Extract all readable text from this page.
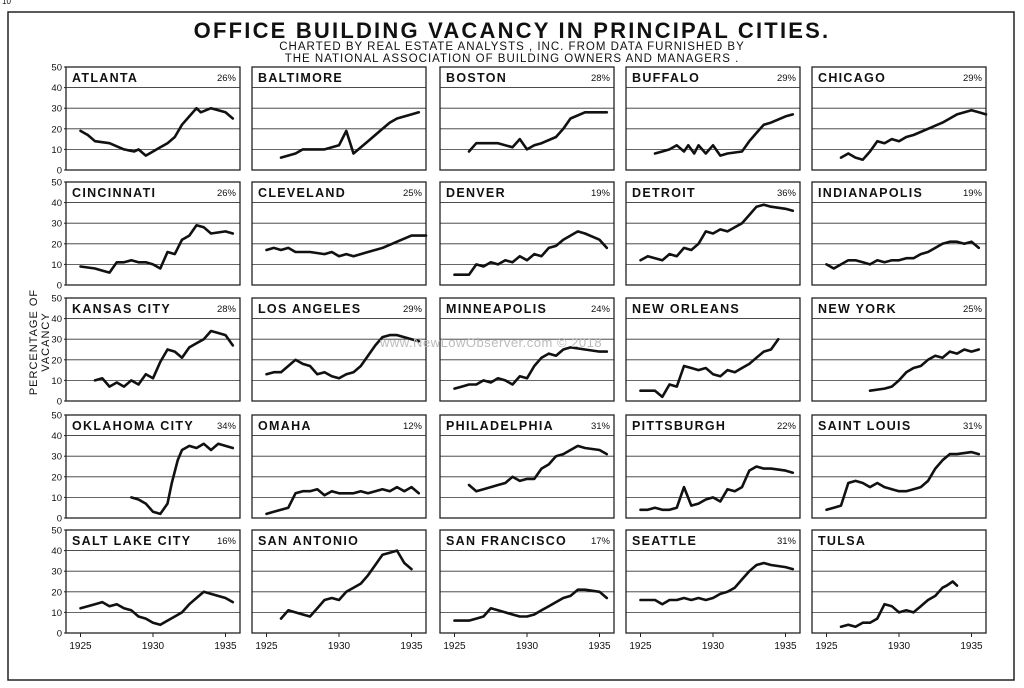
10
OFFICE BUILDING VACANCY IN PRINCIPAL CITIES.
CHARTED BY REAL ESTATE ANALYSTS , INC. FROM DATA FURNISHED BY
THE NATIONAL ASSOCIATION OF BUILDING OWNERS AND MANAGERS .
PERCENTAGE OF VACANCY
ATLANTA	26%
0
10
20
30
40
50
BALTIMORE	BOSTON	28% BUFFALO	29% CHICAGO	29%
CINCINNATI	26%
0
10
20
30
40
50
CLEVELAND	25% DENVER	19% DETROIT	36% INDIANAPOLIS	19%
KANSAS CITY	28%
0
10
20
30
40
50
LOS ANGELES	29% MINNEAPOLIS	24% NEW ORLEANS	NEW YORK	25%
OKLAHOMA CITY 34%
0
10
20
30
40
50
OMAHA	12% PHILADELPHIA	31% PITTSBURGH	22% SAINT LOUIS	31%
SALT LAKE CITY	16%
0
10
20
30
40
50
1925	1930	1935
SAN ANTONIO
1925	1930	1935
SAN FRANCISCO	17%
1925	1930	1935
SEATTLE	31%
1925	1930	1935
TULSA
1925	1930	1935
www.NewLowObserver.com © 2018
